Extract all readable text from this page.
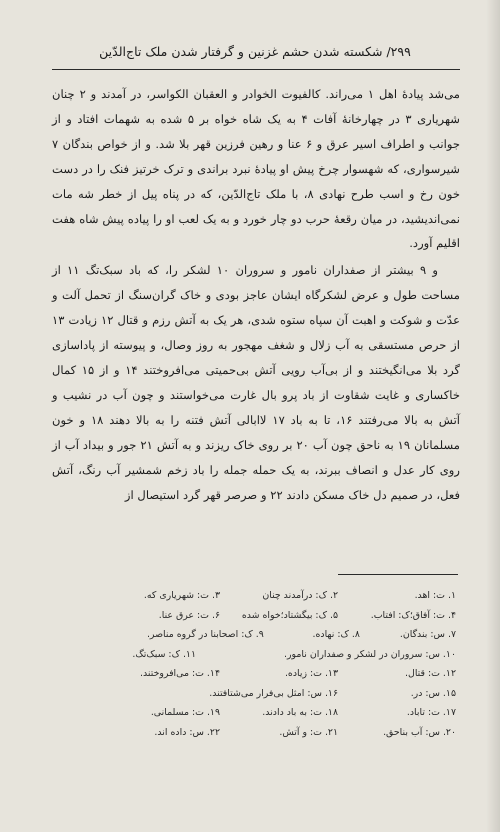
۲۹۹/ شکسته شدن حشم غزنین و گرفتار شدن ملک تاج‌الدّین

می‌شد پیادهٔ اهل ۱ می‌راند. کالفیوت الخوادر و العقبان الکواسر، در آمدند و ۲ چنان شهریاری ۳ در چهارخانهٔ آفات ۴ به یک شاه خواه بر ۵ شده به شهمات افتاد و از جوانب و اطراف اسیر عرق و ۶ عنا و رهین فرزین قهر بلا شد. و از خواص بندگان ۷ شیرسواری، که شهسوار چرخ پیش او پیادهٔ نبرد براندی و ترک خرتیز فنک را در دست خون رخ و اسب طرح نهادی ۸، با ملک تاج‌الدّین، که در پناه پیل از خطر شه مات نمی‌اندیشید، در میان رقعهٔ حرب دو چار خورد و به یک لعب او را پیاده پیش شاه هفت اقلیم آورد.

و ۹ بیشتر از صفداران نامور و سروران ۱۰ لشکر را، که باد سبک‌تگ ۱۱ از مساحت طول و عرض لشکرگاه ایشان عاجز بودی و خاک گران‌سنگ از تحمل آلت و عدّت و شوکت و اهبت آن سپاه ستوه شدی، هر یک به آتش رزم و قتال ۱۲ زیادت ۱۳ از حرص مستسقی به آب زلال و شغف مهجور به روز وصال، و پیوسته از پاداسازی گرد بلا می‌انگیختند و از بی‌آب رویی آتش بی‌حمیتی می‌افروختند ۱۴ و از ۱۵ کمال خاکساری و غایت شقاوت از باد پرو بال غارت می‌خواستند و چون آب در نشیب و آتش به بالا می‌رفتند ۱۶، تا به باد ۱۷ لاابالی آتش فتنه را به بالا دهند ۱۸ و خون مسلمانان ۱۹ به ناحق چون آب ۲۰ بر روی خاک ریزند و به آتش ۲۱ جور و بیداد آب از روی کار عدل و انصاف ببرند، به یک حمله جمله را باد زخم شمشیر آب رنگ، آتش فعل، در صمیم دل خاک مسکن دادند ۲۲ و صرصر قهر گرد استیصال از

۱. ت: اهد.
۲. ک: درآمدند چنان
۳. ت: شهریاری که.
۴. ت: آفاق؛ک: افتاب.
۵. ک: بیگشتاد؛خواه شده
۶. ت: عرق عنا.
۷. س: بندگان.
۸. ک: نهاده.
۹. ک: اصحابنا در گروه مناصر.
۱۰. س: سروران در لشکر و صفداران نامور.
۱۱. ک: سبک‌تگ.
۱۲. ت: قتال.
۱۳. ت: زیاده.
۱۴. ت: می‌افروختند.
۱۵. س: در.
۱۶. س: امثل بی‌فرار می‌شتافتند.
۱۷. ت: تاباد.
۱۸. ت: به باد دادند.
۱۹. ت: مسلمانی.
۲۰. س: آب بناحق.
۲۱. ت: و آتش.
۲۲. س: داده اند.
